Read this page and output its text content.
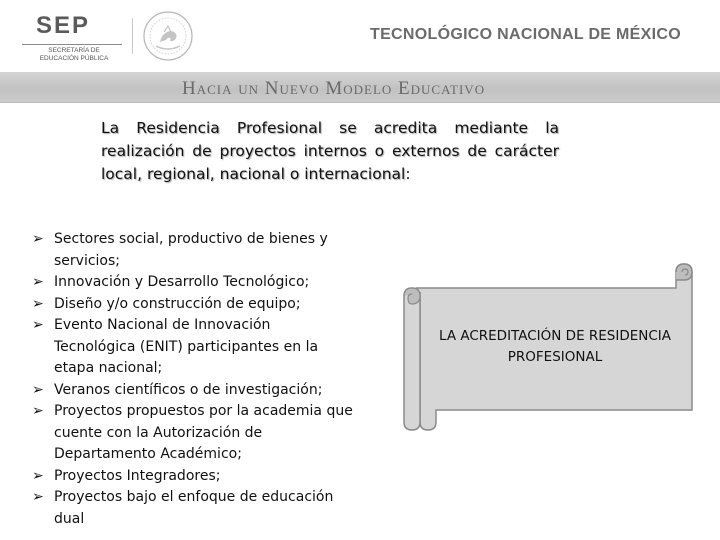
SEP
SECRETARÍA DE EDUCACIÓN PÚBLICA
TECNOLÓGICO NACIONAL DE MÉXICO
Hacia un Nuevo Modelo Educativo
La Residencia Profesional se acredita mediante la realización de proyectos internos o externos de carácter local, regional, nacional o internacional:
➢ Sectores social, productivo de bienes y servicios;
➢ Innovación y Desarrollo Tecnológico;
➢ Diseño y/o construcción de equipo;
➢ Evento Nacional de Innovación Tecnológica (ENIT) participantes en la etapa nacional;
➢ Veranos científicos o de investigación;
➢ Proyectos propuestos por la academia que cuente con la Autorización de Departamento Académico;
➢ Proyectos Integradores;
➢ Proyectos bajo el enfoque de educación dual
LA ACREDITACIÓN DE RESIDENCIA PROFESIONAL
